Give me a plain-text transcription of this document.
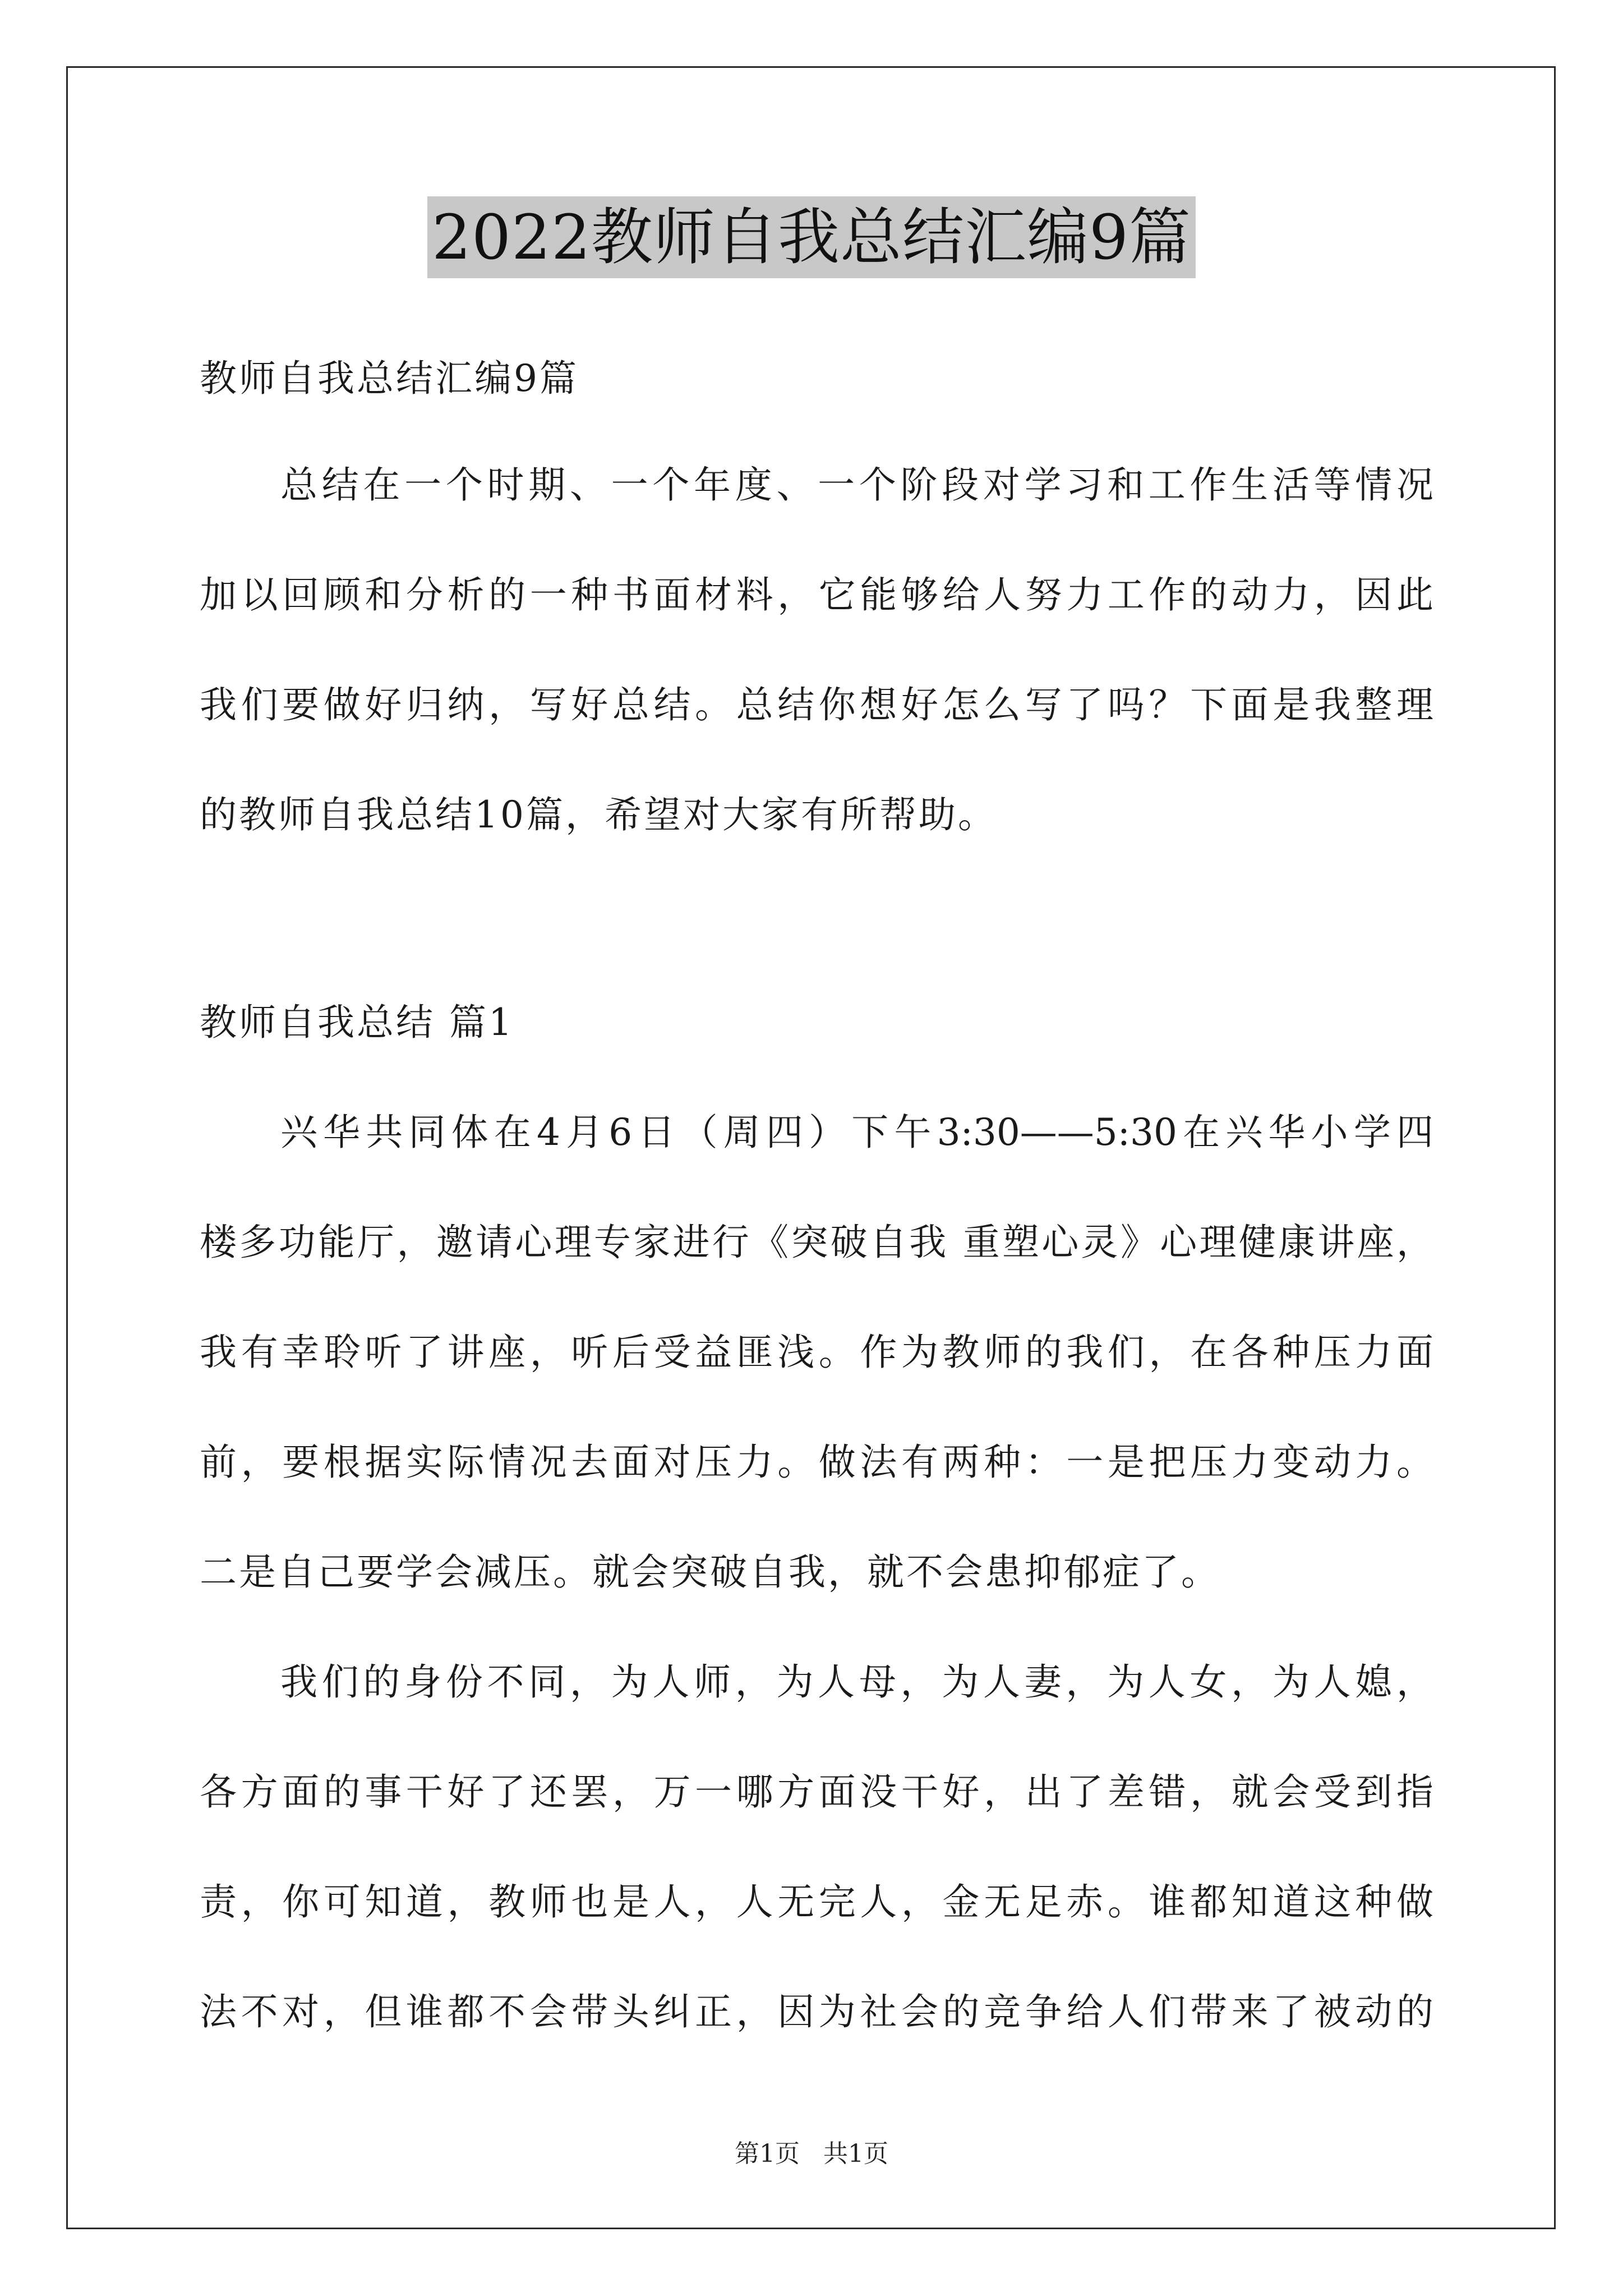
2022教师自我总结汇编9篇
教师自我总结汇编9篇
总结在一个时期、一个年度、一个阶段对学习和工作生活等情况
加以回顾和分析的一种书面材料，它能够给人努力工作的动力，因此
我们要做好归纳，写好总结。总结你想好怎么写了吗？下面是我整理
的教师自我总结10篇，希望对大家有所帮助。
教师自我总结 篇1
兴华共同体在4月6日（周四）下午3:30——5:30在兴华小学四
楼多功能厅，邀请心理专家进行《突破自我 重塑心灵》心理健康讲座，
我有幸聆听了讲座，听后受益匪浅。作为教师的我们，在各种压力面
前，要根据实际情况去面对压力。做法有两种：一是把压力变动力。
二是自己要学会减压。就会突破自我，就不会患抑郁症了。
我们的身份不同，为人师，为人母，为人妻，为人女，为人媳，
各方面的事干好了还罢，万一哪方面没干好，出了差错，就会受到指
责，你可知道，教师也是人，人无完人，金无足赤。谁都知道这种做
法不对，但谁都不会带头纠正，因为社会的竞争给人们带来了被动的
第1页 共1页
